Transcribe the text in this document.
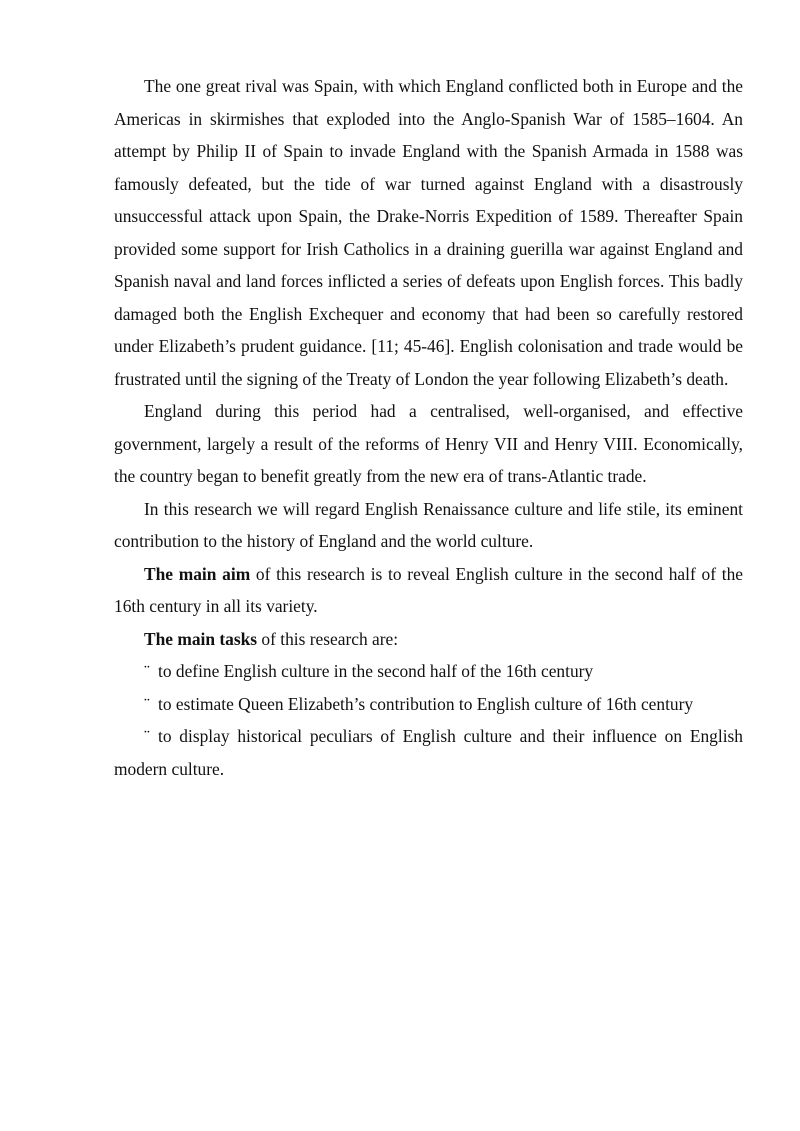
The one great rival was Spain, with which England conflicted both in Europe and the Americas in skirmishes that exploded into the Anglo-Spanish War of 1585–1604. An attempt by Philip II of Spain to invade England with the Spanish Armada in 1588 was famously defeated, but the tide of war turned against England with a disastrously unsuccessful attack upon Spain, the Drake-Norris Expedition of 1589. Thereafter Spain provided some support for Irish Catholics in a draining guerilla war against England and Spanish naval and land forces inflicted a series of defeats upon English forces. This badly damaged both the English Exchequer and economy that had been so carefully restored under Elizabeth’s prudent guidance. [11; 45-46]. English colonisation and trade would be frustrated until the signing of the Treaty of London the year following Elizabeth’s death.

England during this period had a centralised, well-organised, and effective government, largely a result of the reforms of Henry VII and Henry VIII. Economically, the country began to benefit greatly from the new era of trans-Atlantic trade.

In this research we will regard English Renaissance culture and life stile, its eminent contribution to the history of England and the world culture.

The main aim of this research is to reveal English culture in the second half of the 16th century in all its variety.

The main tasks of this research are:

¨ to define English culture in the second half of the 16th century

¨ to estimate Queen Elizabeth’s contribution to English culture of 16th century

¨ to display historical peculiars of English culture and their influence on English modern culture.
